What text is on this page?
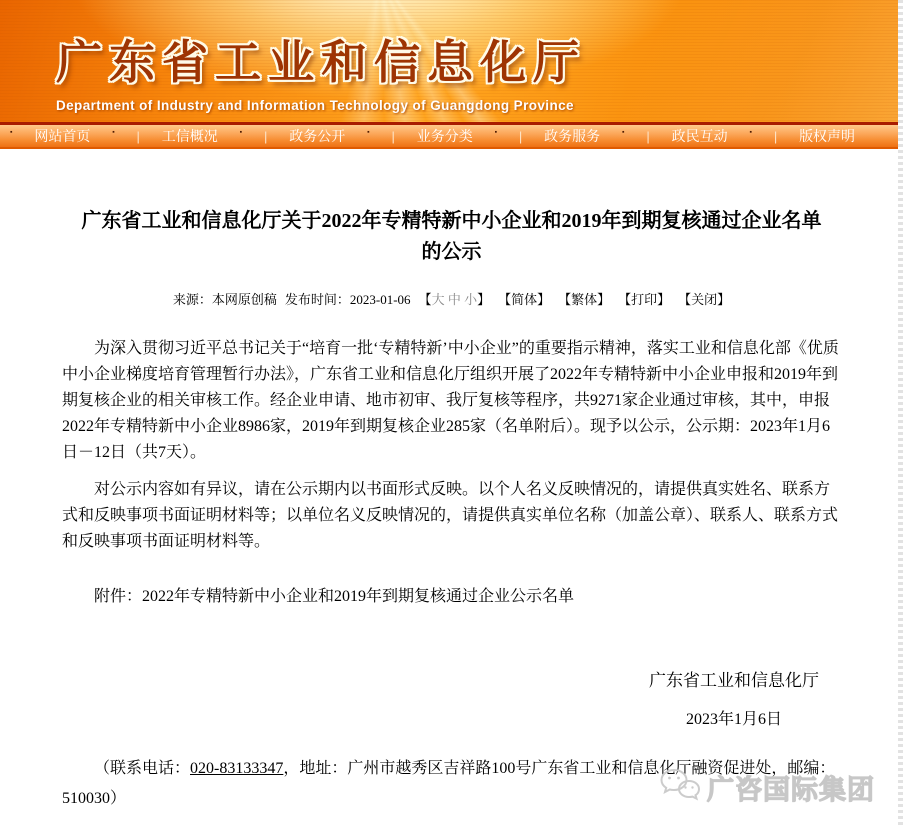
广东省工业和信息化厅
Department of Industry and Information Technology of Guangdong Province
▪ 网站首页	▪ | 工信概况	▪ | 政务公开	▪ | 业务分类	▪ | 政务服务	▪ | 政民互动	▪ | 版权声明
广东省工业和信息化厅关于2022年专精特新中小企业和2019年到期复核通过企业名单的公示
来源：本网原创稿 发布时间：2023-01-06 【大 中 小】 【简体】 【繁体】 【打印】 【关闭】

为深入贯彻习近平总书记关于“培育一批‘专精特新’中小企业”的重要指示精神，落实工业和信息化部《优质中小企业梯度培育管理暂行办法》，广东省工业和信息化厅组织开展了2022年专精特新中小企业申报和2019年到期复核企业的相关审核工作。经企业申请、地市初审、我厅复核等程序，共9271家企业通过审核，其中，申报2022年专精特新中小企业8986家，2019年到期复核企业285家（名单附后）。现予以公示，公示期：2023年1月6日－12日（共7天）。

对公示内容如有异议，请在公示期内以书面形式反映。以个人名义反映情况的，请提供真实姓名、联系方式和反映事项书面证明材料等；以单位名义反映情况的，请提供真实单位名称（加盖公章）、联系人、联系方式和反映事项书面证明材料等。

附件：2022年专精特新中小企业和2019年到期复核通过企业公示名单
广东省工业和信息化厅
2023年1月6日

（联系电话：020-83133347，地址：广州市越秀区吉祥路100号广东省工业和信息化厅融资促进处，邮编：510030）	广咨国际集团
